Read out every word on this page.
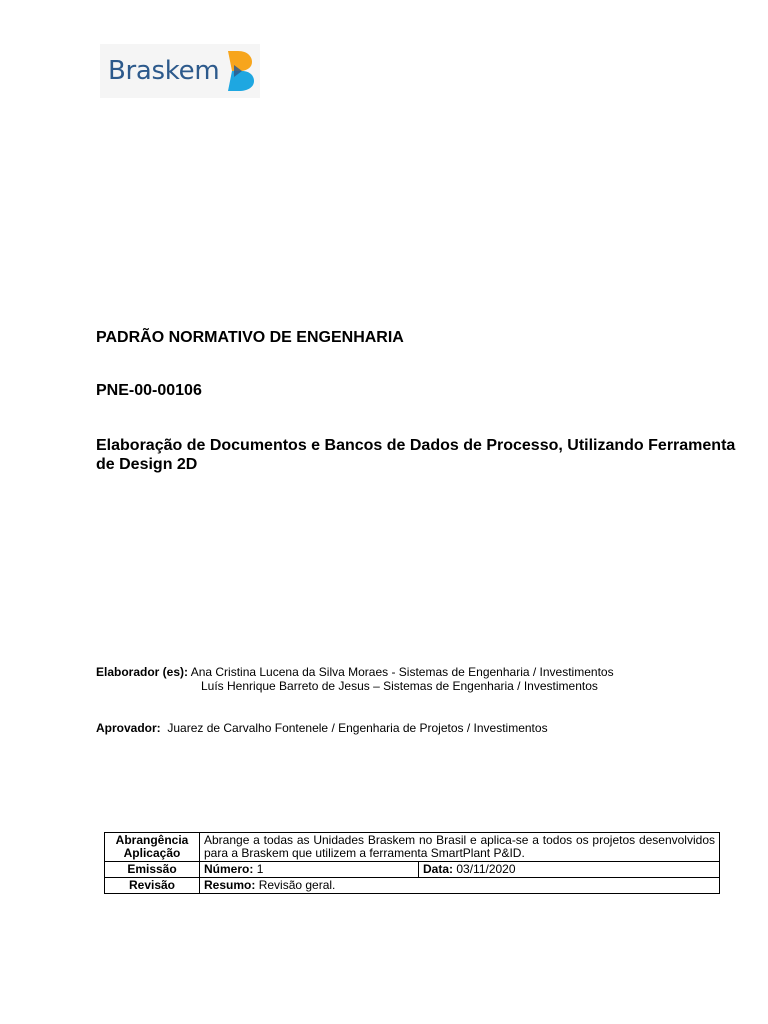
Braskem
PADRÃO NORMATIVO DE ENGENHARIA
PNE-00-00106
Elaboração de Documentos e Bancos de Dados de Processo, Utilizando Ferramenta de Design 2D
Elaborador (es): Ana Cristina Lucena da Silva Moraes - Sistemas de Engenharia / Investimentos
Luís Henrique Barreto de Jesus – Sistemas de Engenharia / Investimentos
Aprovador: Juarez de Carvalho Fontenele / Engenharia de Projetos / Investimentos
Abrangência
Aplicação	Abrange a todas as Unidades Braskem no Brasil e aplica-se a todos os projetos desenvolvidos para a Braskem que utilizem a ferramenta SmartPlant P&ID.	
Emissão	Número: 1	Data: 03/11/2020
Revisão	Resumo: Revisão geral.	
